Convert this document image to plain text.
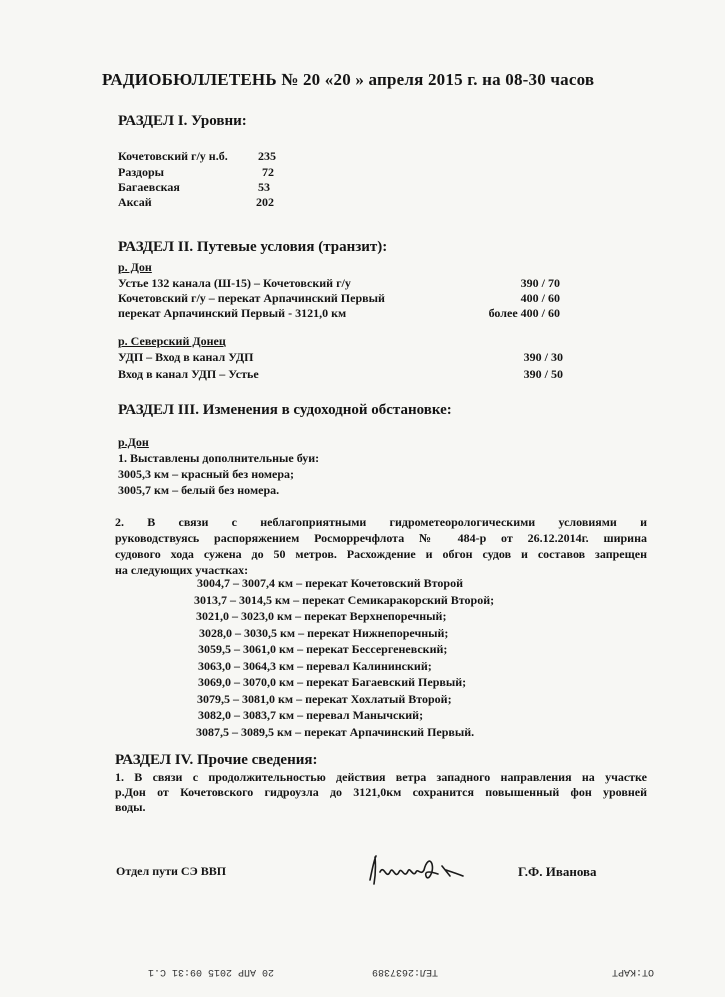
РАДИОБЮЛЛЕТЕНЬ № 20 «20 » апреля 2015 г. на 08-30 часов
РАЗДЕЛ I. Уровни:
Кочетовский г/у н.б.	235
Раздоры	72
Багаевская	53
Аксай	202
РАЗДЕЛ II. Путевые условия (транзит):
р. Дон
Устье 132 канала (Ш-15) – Кочетовский г/у	390 / 70
Кочетовский г/у – перекат Арпачинский Первый	400 / 60
перекат Арпачинский Первый - 3121,0 км	более 400 / 60
р. Северский Донец
УДП – Вход в канал УДП	390 / 30
Вход в канал УДП – Устье	390 / 50
РАЗДЕЛ III. Изменения в судоходной обстановке:
р.Дон
1. Выставлены дополнительные буи:
3005,3 км – красный без номера;
3005,7 км – белый без номера.
2. В связи с неблагоприятными гидрометеорологическими условиями и
руководствуясь распоряжением Росморречфлота № 484-р от 26.12.2014г. ширина
судового хода сужена до 50 метров. Расхождение и обгон судов и составов запрещен
на следующих участках:
3004,7 – 3007,4 км – перекат Кочетовский Второй
3013,7 – 3014,5 км – перекат Семикаракорский Второй;
3021,0 – 3023,0 км – перекат Верхнепоречный;
3028,0 – 3030,5 км – перекат Нижнепоречный;
3059,5 – 3061,0 км – перекат Бессергеневский;
3063,0 – 3064,3 км – перевал Калининский;
3069,0 – 3070,0 км – перекат Багаевский Первый;
3079,5 – 3081,0 км – перекат Хохлатый Второй;
3082,0 – 3083,7 км – перевал Манычский;
3087,5 – 3089,5 км – перекат Арпачинский Первый.
РАЗДЕЛ IV. Прочие сведения:
1. В связи с продолжительностью действия ветра западного направления на участке
р.Дон от Кочетовского гидроузла до 3121,0км сохранится повышенный фон уровней
воды.
Отдел пути СЭ ВВП	Г.Ф. Иванова
OT:KAPT
TEЛ:2637389
20 АПР 2015 09:31 C.1
